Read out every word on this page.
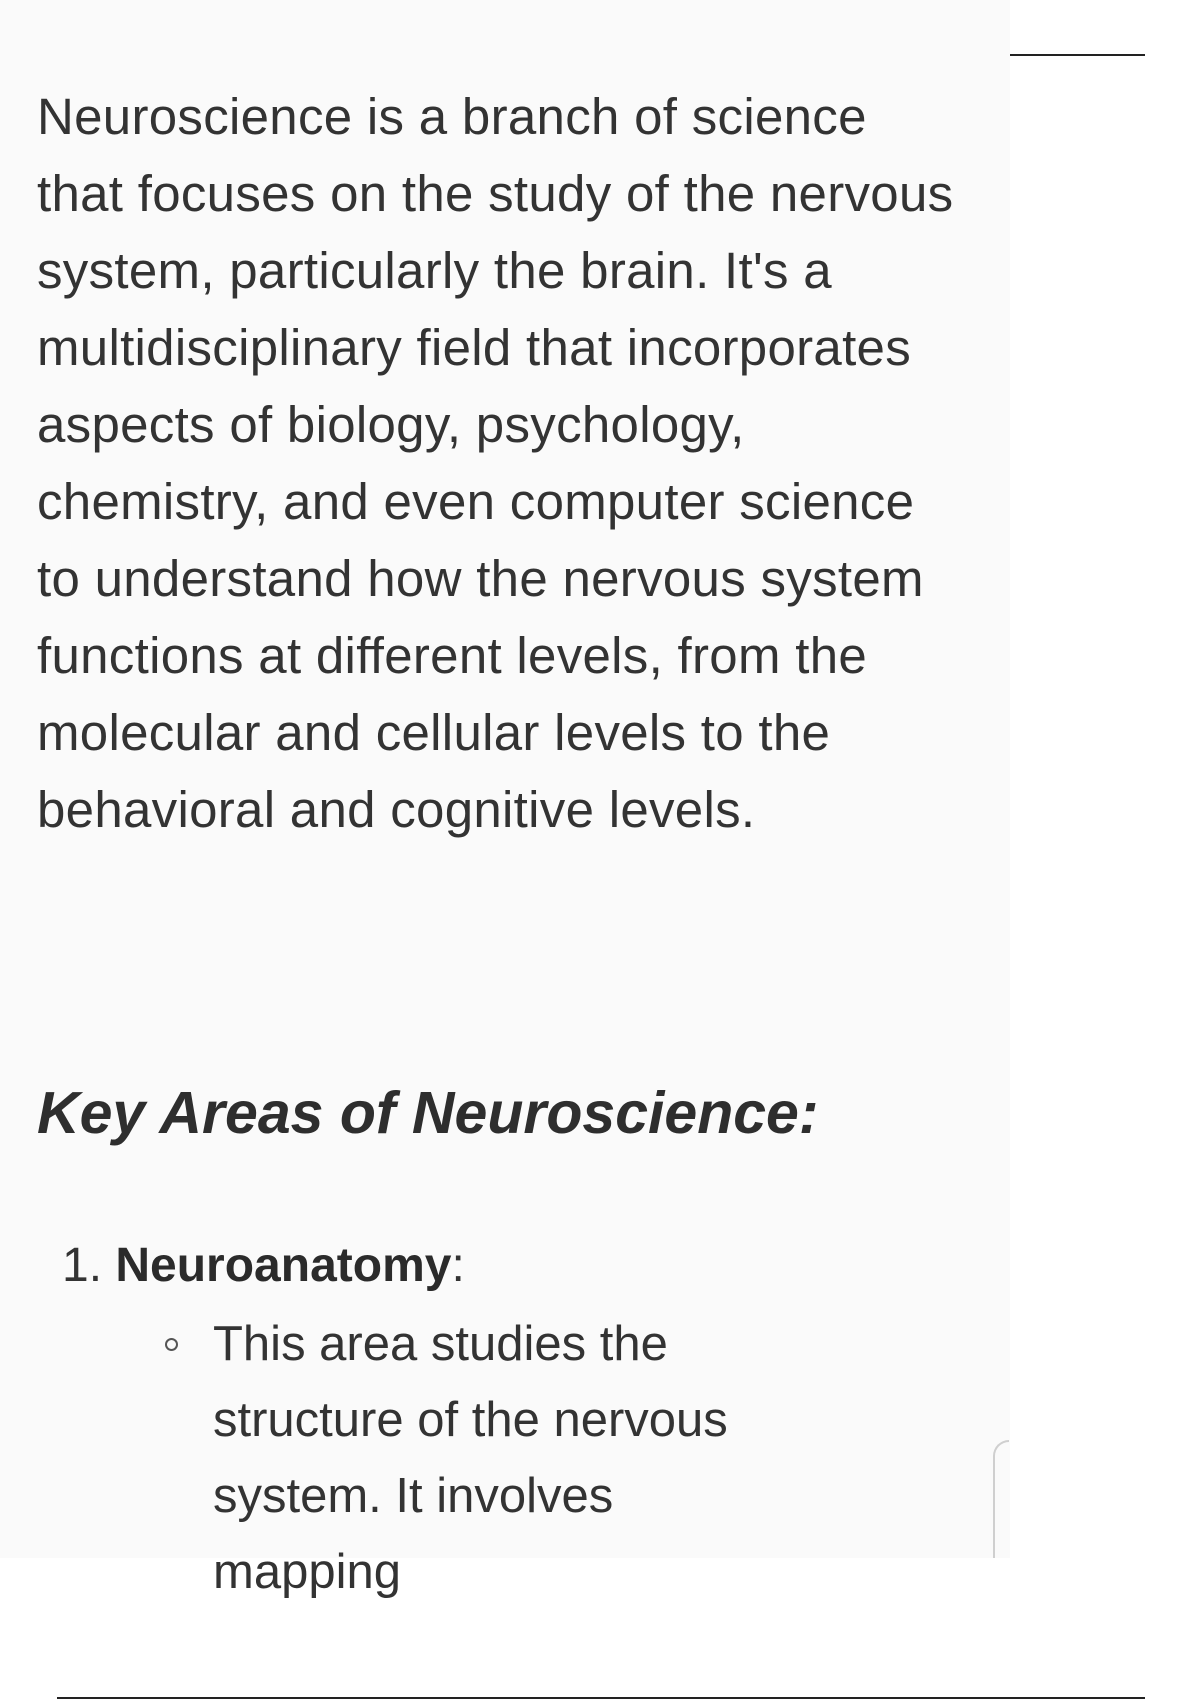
Neuroscience is a branch of science that focuses on the study of the nervous system, particularly the brain. It's a multidisciplinary field that incorporates aspects of biology, psychology, chemistry, and even computer science to understand how the nervous system functions at different levels, from the molecular and cellular levels to the behavioral and cognitive levels.

Key Areas of Neuroscience:
1. Neuroanatomy:
This area studies the structure of the nervous system. It involves mapping
